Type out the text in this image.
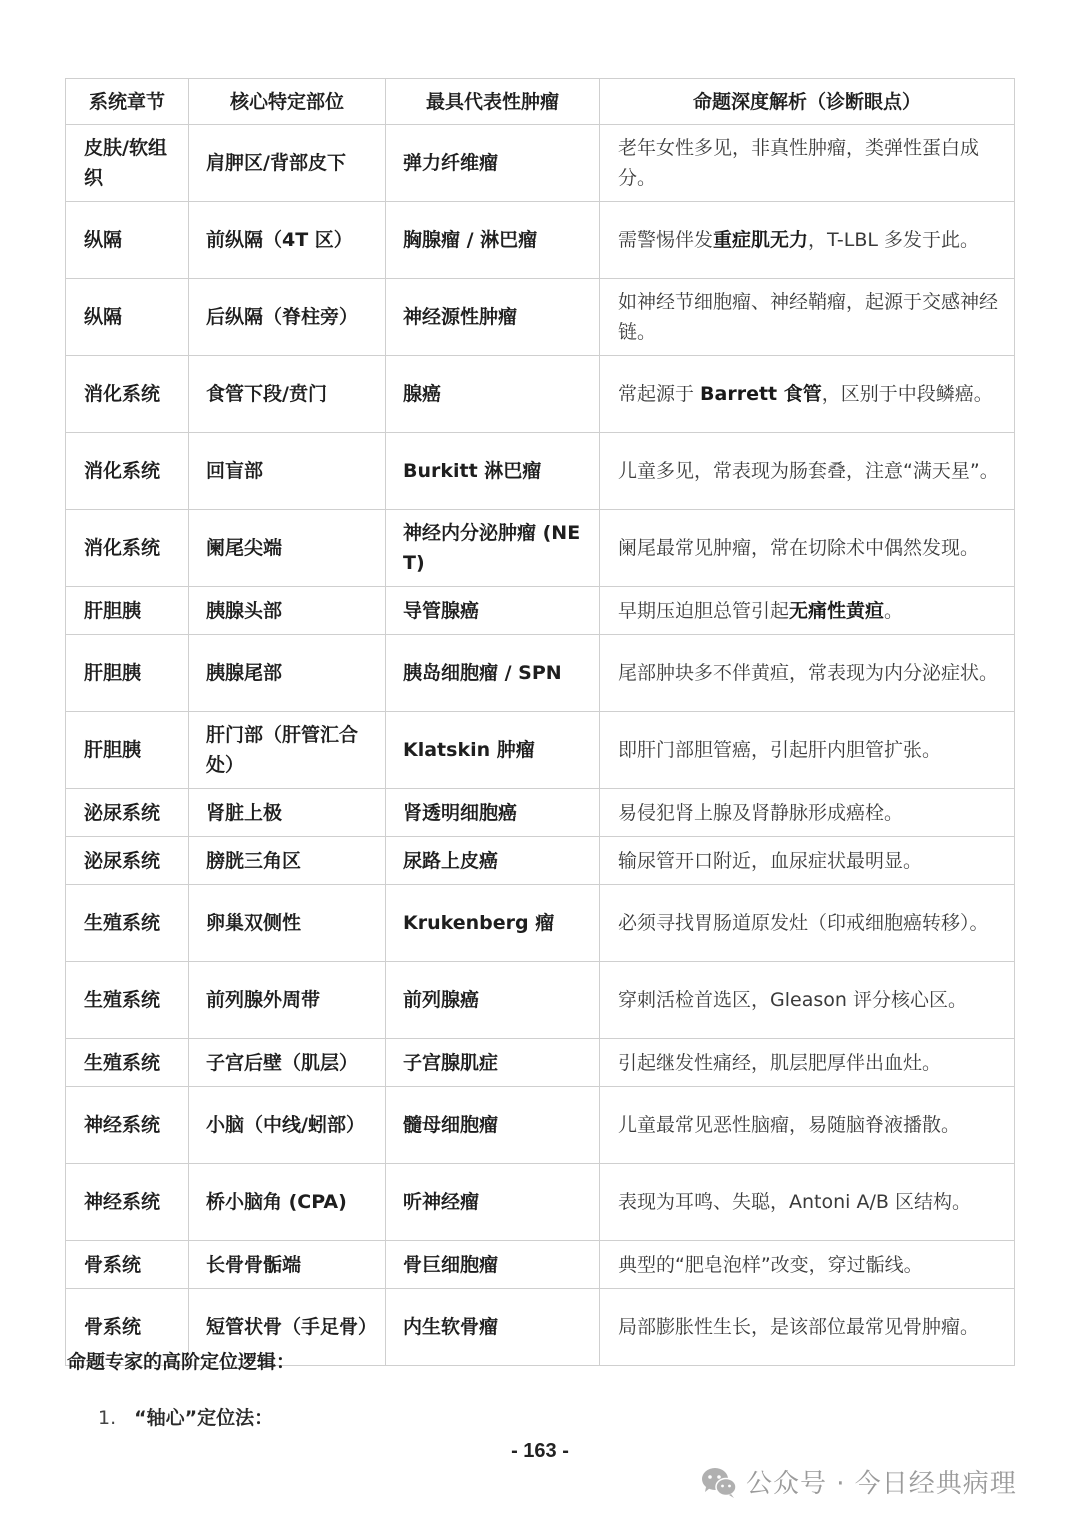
系统章节	核心特定部位	最具代表性肿瘤	命题深度解析（诊断眼点）
皮肤/软组织	肩胛区/背部皮下	弹力纤维瘤	老年女性多见，非真性肿瘤，类弹性蛋白成分。
纵隔	前纵隔（4T 区）	胸腺瘤 / 淋巴瘤	需警惕伴发重症肌无力，T-LBL 多发于此。
纵隔	后纵隔（脊柱旁）	神经源性肿瘤	如神经节细胞瘤、神经鞘瘤，起源于交感神经链。
消化系统	食管下段/贲门	腺癌	常起源于 Barrett 食管，区别于中段鳞癌。
消化系统	回盲部	Burkitt 淋巴瘤	儿童多见，常表现为肠套叠，注意“满天星”。
消化系统	阑尾尖端	神经内分泌肿瘤 (NET)	阑尾最常见肿瘤，常在切除术中偶然发现。
肝胆胰	胰腺头部	导管腺癌	早期压迫胆总管引起无痛性黄疸。
肝胆胰	胰腺尾部	胰岛细胞瘤 / SPN	尾部肿块多不伴黄疸，常表现为内分泌症状。
肝胆胰	肝门部（肝管汇合处）	Klatskin 肿瘤	即肝门部胆管癌，引起肝内胆管扩张。
泌尿系统	肾脏上极	肾透明细胞癌	易侵犯肾上腺及肾静脉形成癌栓。
泌尿系统	膀胱三角区	尿路上皮癌	输尿管开口附近，血尿症状最明显。
生殖系统	卵巢双侧性	Krukenberg 瘤	必须寻找胃肠道原发灶（印戒细胞癌转移）。
生殖系统	前列腺外周带	前列腺癌	穿刺活检首选区，Gleason 评分核心区。
生殖系统	子宫后壁（肌层）	子宫腺肌症	引起继发性痛经，肌层肥厚伴出血灶。
神经系统	小脑（中线/蚓部）	髓母细胞瘤	儿童最常见恶性脑瘤，易随脑脊液播散。
神经系统	桥小脑角 (CPA)	听神经瘤	表现为耳鸣、失聪，Antoni A/B 区结构。
骨系统	长骨骨骺端	骨巨细胞瘤	典型的“肥皂泡样”改变，穿过骺线。
骨系统	短管状骨（手足骨）	内生软骨瘤	局部膨胀性生长，是该部位最常见骨肿瘤。
命题专家的高阶定位逻辑：
1. “轴心”定位法：
- 163 -
公众号 · 今日经典病理
